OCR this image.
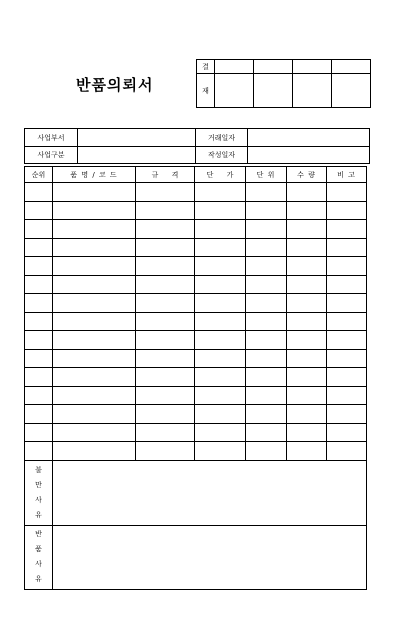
반품의뢰서
결				
재				
사업부서		거래일자	
사업구분		작성일자	
순위	품 명 / 코 드	규      격	단      가	단 위	수 량	비 고

불
만
사
유						
반
품
사
유						
